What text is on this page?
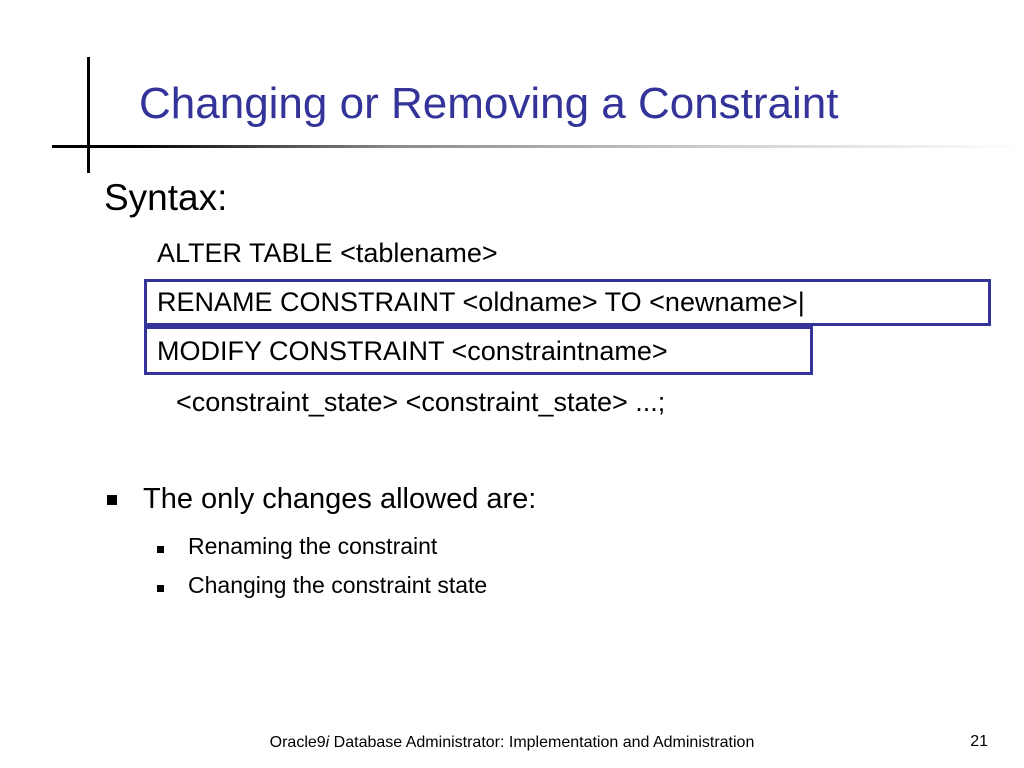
Changing or Removing a Constraint
Syntax:
ALTER TABLE <tablename>
RENAME CONSTRAINT <oldname> TO <newname>|
MODIFY CONSTRAINT <constraintname>
<constraint_state> <constraint_state> ...;
The only changes allowed are:
Renaming the constraint
Changing the constraint state
Oracle9i Database Administrator: Implementation and Administration	21
